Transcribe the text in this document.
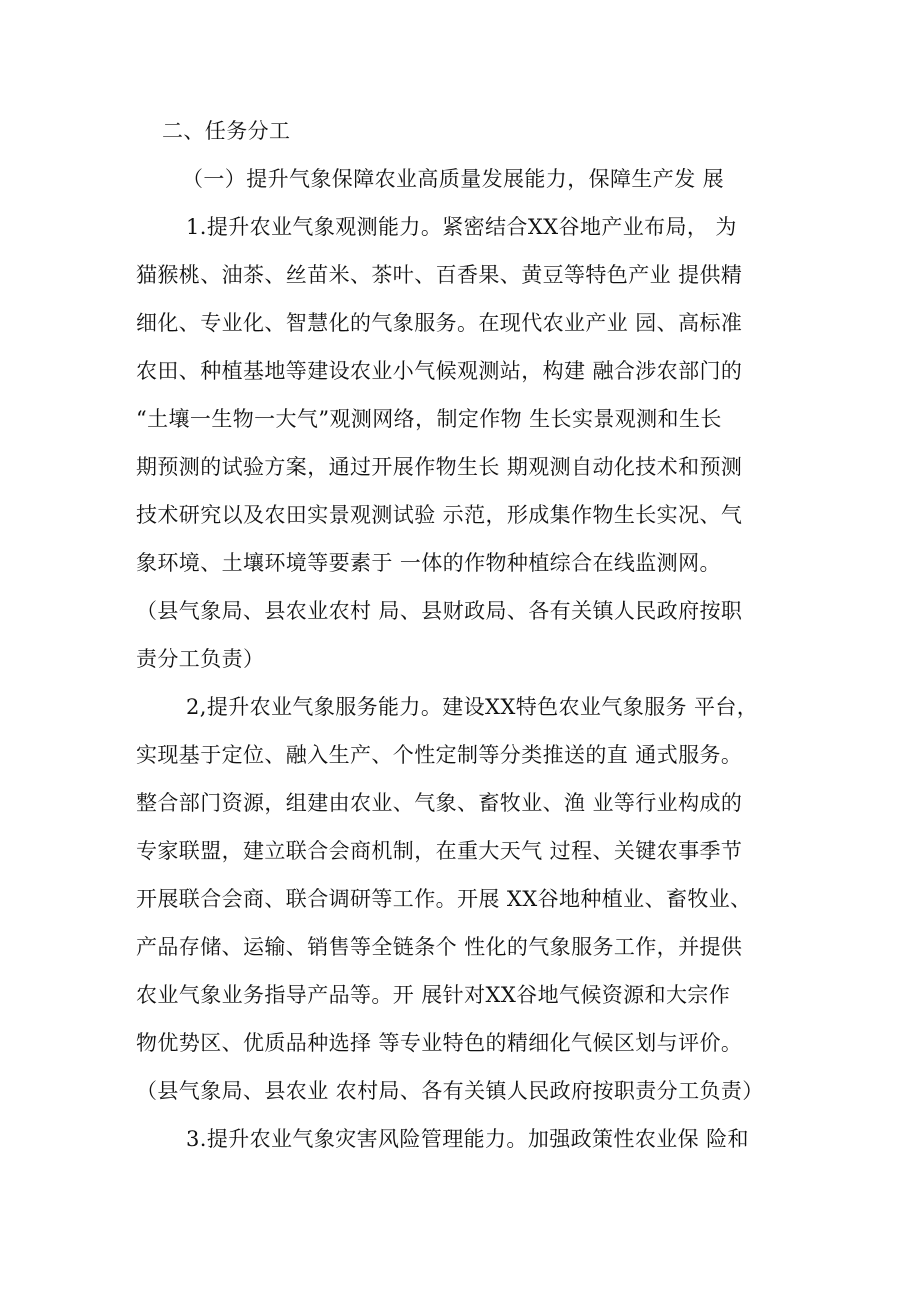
二、任务分工
（一）提升气象保障农业高质量发展能力，保障生产发 展
1.提升农业气象观测能力。紧密结合XX谷地产业布局， 为
猫猴桃、油茶、丝苗米、茶叶、百香果、黄豆等特色产业 提供精
细化、专业化、智慧化的气象服务。在现代农业产业 园、高标准
农田、种植基地等建设农业小气候观测站，构建 融合涉农部门的
“土壤一生物一大气”观测网络，制定作物 生长实景观测和生长
期预测的试验方案，通过开展作物生长 期观测自动化技术和预测
技术研究以及农田实景观测试验 示范，形成集作物生长实况、气
象环境、土壤环境等要素于 一体的作物种植综合在线监测网。
（县气象局、县农业农村 局、县财政局、各有关镇人民政府按职
责分工负责）
2,提升农业气象服务能力。建设XX特色农业气象服务 平台，
实现基于定位、融入生产、个性定制等分类推送的直 通式服务。
整合部门资源，组建由农业、气象、畜牧业、渔 业等行业构成的
专家联盟，建立联合会商机制，在重大天气 过程、关键农事季节
开展联合会商、联合调研等工作。开展 XX谷地种植业、畜牧业、
产品存储、运输、销售等全链条个 性化的气象服务工作，并提供
农业气象业务指导产品等。开 展针对XX谷地气候资源和大宗作
物优势区、优质品种选择 等专业特色的精细化气候区划与评价。
（县气象局、县农业 农村局、各有关镇人民政府按职责分工负责）
3.提升农业气象灾害风险管理能力。加强政策性农业保 险和
